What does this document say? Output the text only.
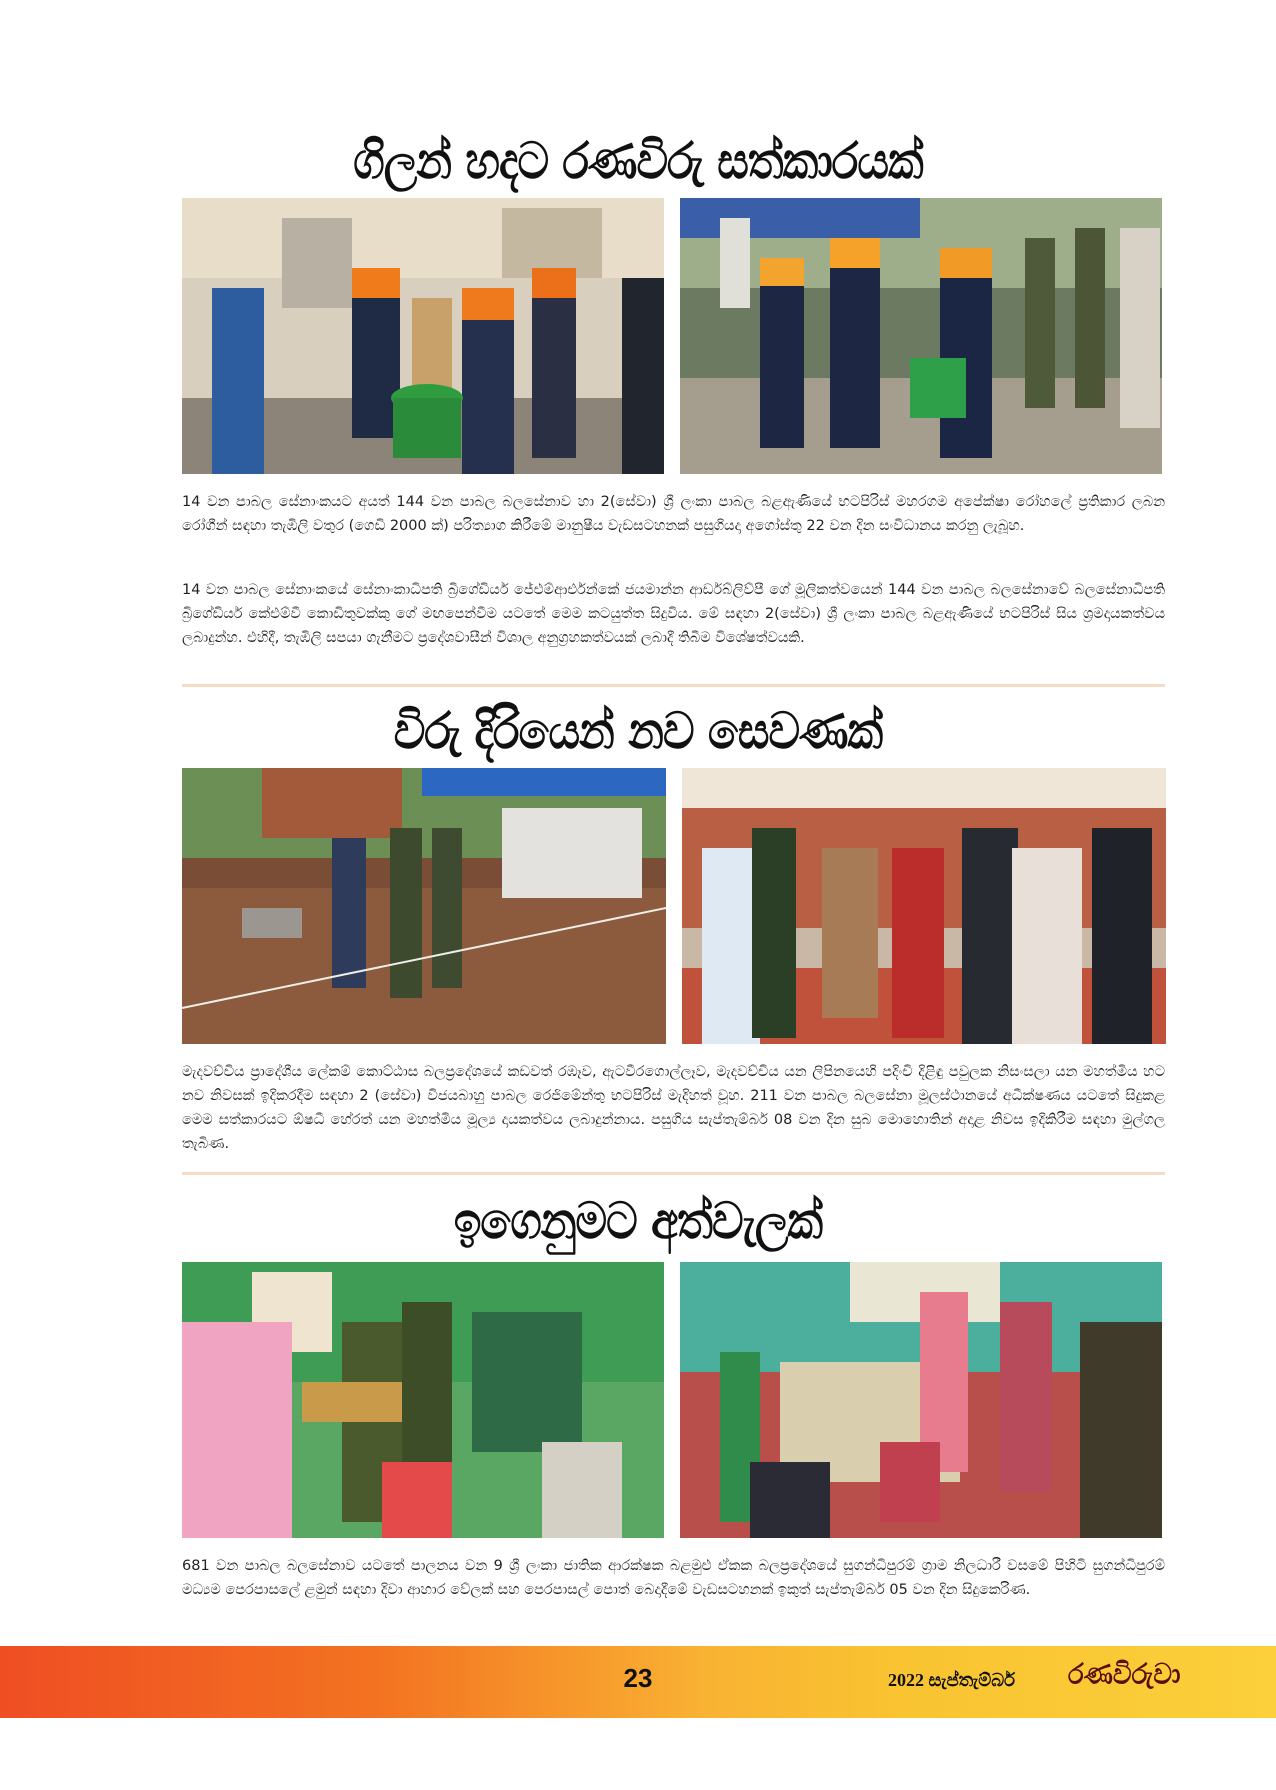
ගිලන් හදට රණවිරු සත්කාරයක්

14 වන පාබල සේනාංකයට අයත් 144 වන පාබල බලසේනාව හා 2(සේවා) ශ්‍රී ලංකා පාබල බළඇණියේ භටපිරිස් මහරගම අපේක්ෂා රෝහලේ ප්‍රතිකාර ලබන රෝගීන් සඳහා තැඹිලි වතුර (ගෙඩි 2000 ක්) පරිත්‍යාග කිරීමේ මානුෂීය වැඩසටහනක් පසුගියදා අගෝස්තු 22 වන දින සංවිධානය කරනු ලැබූහ.

14 වන පාබල සේනාංකයේ සේනාංකාධිපති බ්‍රිගේඩියර් ජේඑම්ආර්එන්කේ ජයමාන්න ආර්ඩබ්ලිව්පී ගේ මූලිකත්වයෙන් 144 වන පාබල බලසේනාවේ බලසේනාධිපති බ්‍රිගේඩියර් කේඑම්වී කොඩිතුවක්කු ගේ මඟපෙන්වීම යටතේ මෙම කටයුත්ත සිදුවිය. මේ සඳහා 2(සේවා) ශ්‍රී ලංකා පාබල බළඇණියේ භටපිරිස් සිය ශ්‍රමදායකත්වය ලබාදුන්හ. එහිදී, තැඹිලි සපයා ගැනීමට ප්‍රදේශවාසීන් විශාල අනුග්‍රහකත්වයක් ලබාදී තිබීම විශේෂත්වයකි.

විරු දිරියෙන් නව සෙවණක්

මැදවච්චිය ප්‍රාදේශීය ලේකම් කොට්ඨාස බලප්‍රදේශයේ කඩවත් රඹෑව, ඇටවීරගොල්ලෑව, මැදවච්චිය යන ලිපිනයෙහි පදිංචි දිළිඳු පවුලක නිසංසලා යන මහත්මිය හට නව නිවසක් ඉදිකරදීම සඳහා 2 (සේවා) විජයබාහු පාබල රෙජිමේන්තු භටපිරිස් මැදිහත් වූහ. 211 වන පාබල බලසේනා මූලස්ථානයේ අධීක්ෂණය යටතේ සිදුකළ මෙම සත්කාරයට ඕෂධී හේරත් යන මහත්මිය මූල්‍ය දායකත්වය ලබාදුන්නාය. පසුගිය සැප්තැම්බර් 08 වන දින සුබ මොහොතින් අදාළ නිවස ඉදිකිරීම සඳහා මුල්ගල තැබිණ.

ඉගෙනුමට අත්වැලක්

681 වන පාබල බලසේනාව යටතේ පාලනය වන 9 ශ්‍රී ලංකා ජාතික ආරක්ෂක බළමුළු ඒකක බලප්‍රදේශයේ සුගන්ධිපුරම් ග්‍රාම නිලධාරී වසමේ පිහිටි සුගන්ධිපුරම් මධ්‍යම පෙරපාසලේ ළමුන් සඳහා දිවා ආහාර වේලක් සහ පෙරපාසල් පොත් බෙදාදීමේ වැඩසටහනක් ඉකුත් සැප්තැම්බර් 05 වන දින සිදුකෙරිණ.

23	2022 සැප්තැම්බර් රණවිරුවා
